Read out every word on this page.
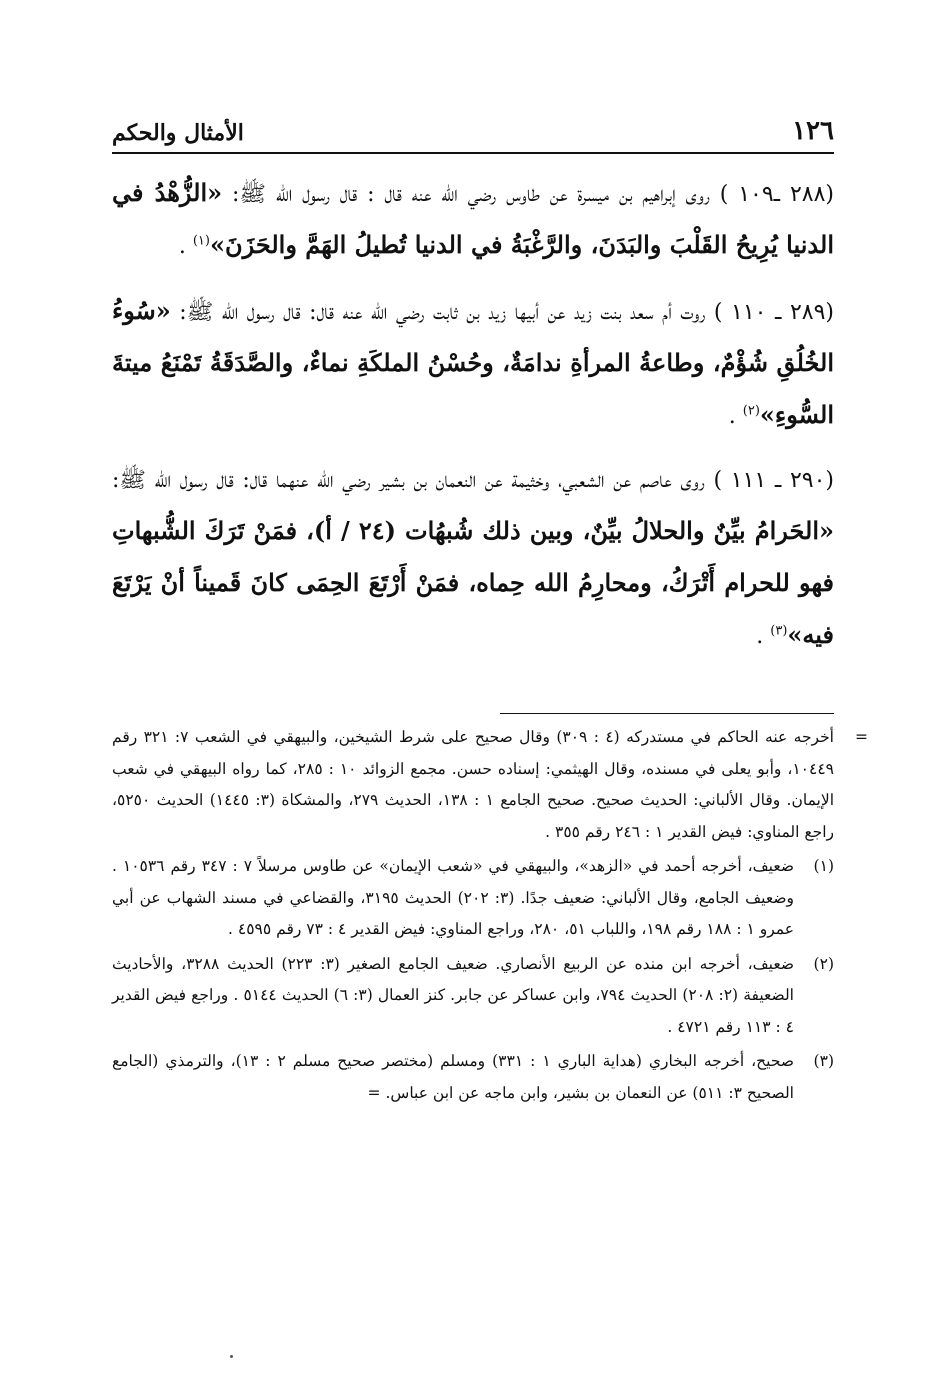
١٢٦
الأمثال والحكم

(٢٨٨ ـ١٠٩ ) روى إبراهيم بن ميسرة عن طاوس رضي الله عنه قال : قال رسول الله ﷺ: «الزُّهْدُ في الدنيا يُرِيحُ القَلْبَ والبَدَنَ، والرَّغْبَةُ في الدنيا تُطيلُ الهَمَّ والحَزَنَ»$^{(١)}$ .

(٢٨٩ ـ ١١٠ ) روت أم سعد بنت زيد عن أبيها زيد بن ثابت رضي الله عنه قال: قال رسول الله ﷺ: «سُوءُ الخُلُقِ شُؤْمٌ، وطاعةُ المرأةِ ندامَةٌ، وحُسْنُ الملكَةِ نماءٌ، والصَّدَقَةُ تَمْنَعُ ميتةَ السُّوءِ»$^{(٢)}$ .

(٢٩٠ ـ ١١١ ) روى عاصم عن الشعبي، وخثيمة عن النعمان بن بشير رضي الله عنهما قال: قال رسول الله ﷺ: «الحَرامُ بيِّنٌ والحلالُ بيِّنٌ، وبين ذلك شُبهُات (٢٤ / أ)، فمَنْ تَرَكَ الشُّبهاتِ فهو للحرام أَتْرَكُ، ومحارِمُ الله حِماه، فمَنْ أَرْتَعَ الحِمَى كانَ قَميناً أنْ يَرْتَعَ فيه»$^{(٣)}$ .

=
أخرجه عنه الحاكم في مستدركه (٤ : ٣٠٩) وقال صحيح على شرط الشيخين، والبيهقي في الشعب ٧: ٣٢١ رقم ١٠٤٤٩، وأبو يعلى في مسنده، وقال الهيثمي: إسناده حسن. مجمع الزوائد ١٠ : ٢٨٥، كما رواه البيهقي في شعب الإيمان. وقال الألباني: الحديث صحيح. صحيح الجامع ١ : ١٣٨، الحديث ٢٧٩، والمشكاة (٣: ١٤٤٥) الحديث ٥٢٥٠، راجع المناوي: فيض القدير ١ : ٢٤٦ رقم ٣٥٥ .

(١)
ضعيف، أخرجه أحمد في «الزهد»، والبيهقي في «شعب الإيمان» عن طاوس مرسلاً ٧ : ٣٤٧ رقم ١٠٥٣٦ . وضعيف الجامع، وقال الألباني: ضعيف جدًا. (٣: ٢٠٢) الحديث ٣١٩٥، والقضاعي في مسند الشهاب عن أبي عمرو ١ : ١٨٨ رقم ١٩٨، واللباب ٥١، ٢٨٠، وراجع المناوي: فيض القدير ٤ : ٧٣ رقم ٤٥٩٥ .

(٢)
ضعيف، أخرجه ابن منده عن الربيع الأنصاري. ضعيف الجامع الصغير (٣: ٢٢٣) الحديث ٣٢٨٨، والأحاديث الضعيفة (٢: ٢٠٨) الحديث ٧٩٤، وابن عساكر عن جابر. كنز العمال (٣: ٦) الحديث ٥١٤٤ . وراجع فيض القدير ٤ : ١١٣ رقم ٤٧٢١ .

(٣)
صحيح، أخرجه البخاري (هداية الباري ١ : ٣٣١) ومسلم (مختصر صحيح مسلم ٢ : ١٣)، والترمذي (الجامع الصحيح ٣: ٥١١) عن النعمان بن بشير، وابن ماجه عن ابن عباس. =
